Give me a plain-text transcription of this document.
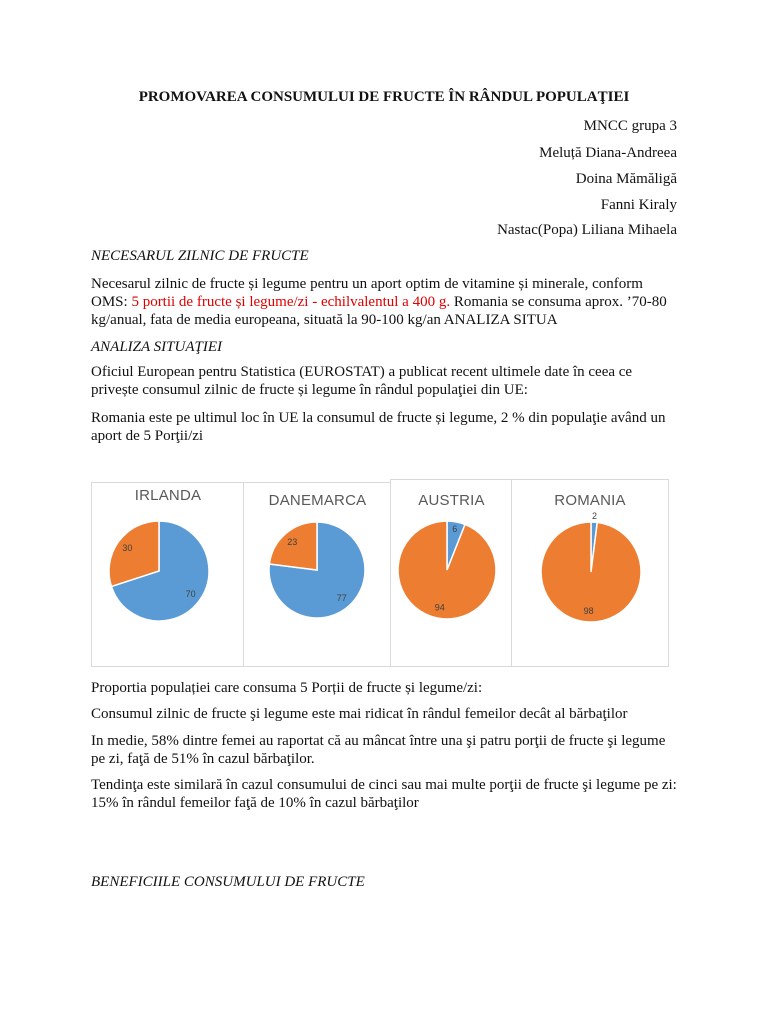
PROMOVAREA CONSUMULUI DE FRUCTE ÎN RÂNDUL POPULAŢIEI
MNCC grupa 3
Meluță Diana-Andreea
Doina Mămăligă
Fanni Kiraly
Nastac(Popa) Liliana Mihaela
NECESARUL ZILNIC DE FRUCTE
Necesarul zilnic de fructe și legume pentru un aport optim de vitamine și minerale, conform OMS: 5 portii de fructe și legume/zi - echilvalentul a 400 g. Romania se consuma aprox. ’70-80 kg/anual, fata de media europeana, situată la 90-100 kg/an ANALIZA SITUA
ANALIZA SITUAŢIEI
Oficiul European pentru Statistica (EUROSTAT) a publicat recent ultimele date în ceea ce privește consumul zilnic de fructe și legume în rândul populaţiei din UE:
Romania este pe ultimul loc în UE la consumul de fructe și legume, 2 % din populaţie având un aport de 5 Porţii/zi
IRLANDA
70
30
DANEMARCA
77
23
AUSTRIA
6
94
ROMANIA
2
98
Proportia populației care consuma 5 Porții de fructe și legume/zi:
Consumul zilnic de fructe şi legume este mai ridicat în rândul femeilor decât al bărbaţilor
In medie, 58% dintre femei au raportat că au mâncat între una şi patru porţii de fructe şi legume pe zi, faţă de 51% în cazul bărbaţilor.
Tendinţa este similară în cazul consumului de cinci sau mai multe porţii de fructe şi legume pe zi: 15% în rândul femeilor faţă de 10% în cazul bărbaţilor
BENEFICIILE CONSUMULUI DE FRUCTE
